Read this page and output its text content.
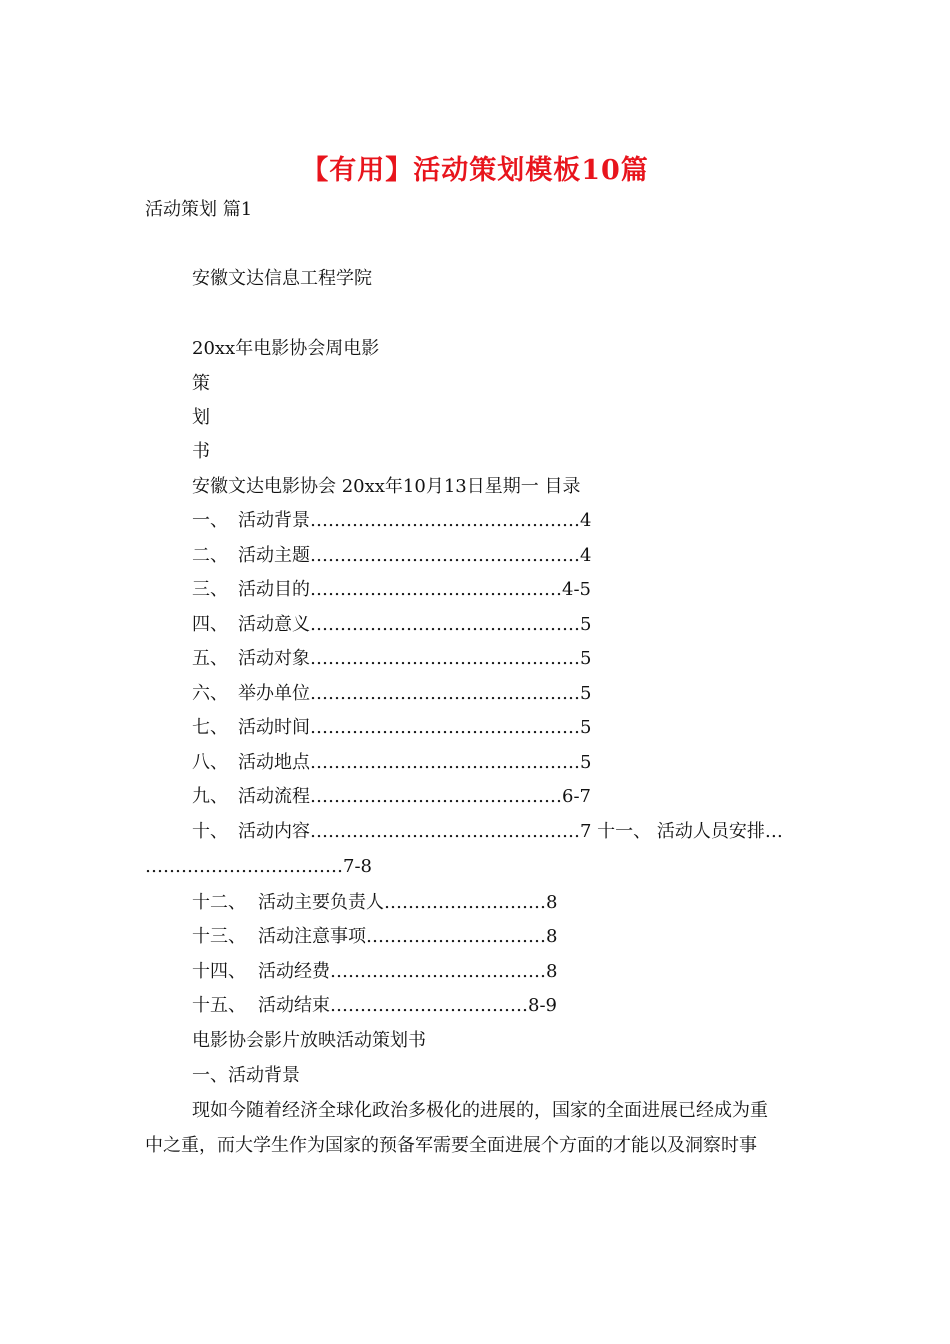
【有用】活动策划模板10篇
活动策划 篇1
安徽文达信息工程学院
20xx年电影协会周电影
策
划
书
安徽文达电影协会 20xx年10月13日星期一 目录
一、 活动背景………………………………………4
二、 活动主题………………………………………4
三、 活动目的……………………………………4-5
四、 活动意义………………………………………5
五、 活动对象………………………………………5
六、 举办单位………………………………………5
七、 活动时间………………………………………5
八、 活动地点………………………………………5
九、 活动流程……………………………………6-7
十、 活动内容………………………………………7 十一、 活动人员安排…
……………………………7-8
十二、 活动主要负责人………………………8
十三、 活动注意事项…………………………8
十四、 活动经费………………………………8
十五、 活动结束……………………………8-9
电影协会影片放映活动策划书
一、活动背景
现如今随着经济全球化政治多极化的进展的，国家的全面进展已经成为重
中之重，而大学生作为国家的预备军需要全面进展个方面的才能以及洞察时事
